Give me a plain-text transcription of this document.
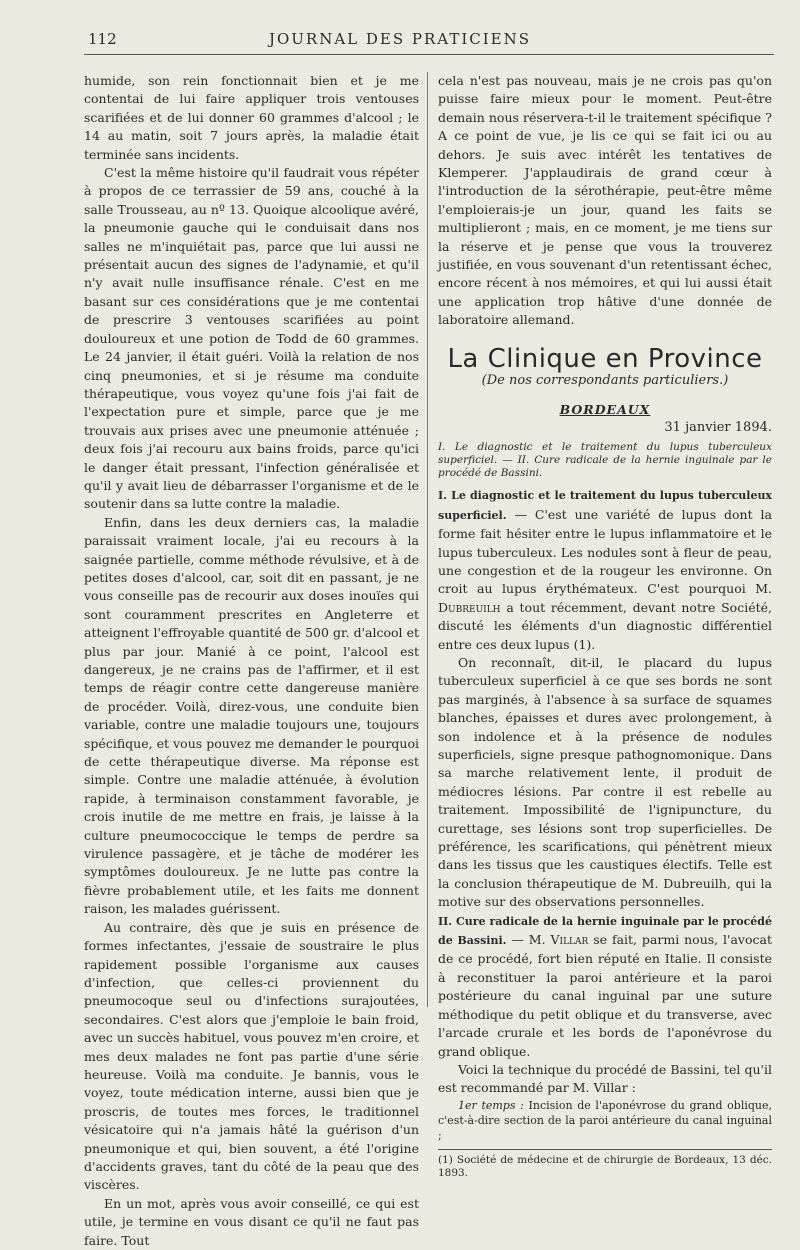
112	JOURNAL DES PRATICIENS

humide, son rein fonctionnait bien et je me contentai de lui faire appliquer trois ventouses scarifiées et de lui donner 60 grammes d'alcool ; le 14 au matin, soit 7 jours après, la maladie était terminée sans incidents.

C'est la même histoire qu'il faudrait vous répéter à propos de ce terrassier de 59 ans, couché à la salle Trousseau, au nº 13. Quoique alcoolique avéré, la pneumonie gauche qui le conduisait dans nos salles ne m'inquiétait pas, parce que lui aussi ne présentait aucun des signes de l'adynamie, et qu'il n'y avait nulle insuffisance rénale. C'est en me basant sur ces considérations que je me contentai de prescrire 3 ventouses scarifiées au point douloureux et une potion de Todd de 60 grammes. Le 24 janvier, il était guéri. Voilà la relation de nos cinq pneumonies, et si je résume ma conduite thérapeutique, vous voyez qu'une fois j'ai fait de l'expectation pure et simple, parce que je me trouvais aux prises avec une pneumonie atténuée ; deux fois j'ai recouru aux bains froids, parce qu'ici le danger était pressant, l'infection généralisée et qu'il y avait lieu de débarrasser l'organisme et de le soutenir dans sa lutte contre la maladie.

Enfin, dans les deux derniers cas, la maladie paraissait vraiment locale, j'ai eu recours à la saignée partielle, comme méthode révulsive, et à de petites doses d'alcool, car, soit dit en passant, je ne vous conseille pas de recourir aux doses inouïes qui sont couramment prescrites en Angleterre et atteignent l'effroyable quantité de 500 gr. d'alcool et plus par jour. Manié à ce point, l'alcool est dangereux, je ne crains pas de l'affirmer, et il est temps de réagir contre cette dangereuse manière de procéder. Voilà, direz-vous, une conduite bien variable, contre une maladie toujours une, toujours spécifique, et vous pouvez me demander le pourquoi de cette thérapeutique diverse. Ma réponse est simple. Contre une maladie atténuée, à évolution rapide, à terminaison constamment favorable, je crois inutile de me mettre en frais, je laisse à la culture pneumococcique le temps de perdre sa virulence passagère, et je tâche de modérer les symptômes douloureux. Je ne lutte pas contre la fièvre probablement utile, et les faits me donnent raison, les malades guérissent.

Au contraire, dès que je suis en présence de formes infectantes, j'essaie de soustraire le plus rapidement possible l'organisme aux causes d'infection, que celles-ci proviennent du pneumocoque seul ou d'infections surajoutées, secondaires. C'est alors que j'emploie le bain froid, avec un succès habituel, vous pouvez m'en croire, et mes deux malades ne font pas partie d'une série heureuse. Voilà ma conduite. Je bannis, vous le voyez, toute médication interne, aussi bien que je proscris, de toutes mes forces, le traditionnel vésicatoire qui n'a jamais hâté la guérison d'un pneumonique et qui, bien souvent, a été l'origine d'accidents graves, tant du côté de la peau que des viscères.

En un mot, après vous avoir conseillé, ce qui est utile, je termine en vous disant ce qu'il ne faut pas faire. Tout

cela n'est pas nouveau, mais je ne crois pas qu'on puisse faire mieux pour le moment. Peut-être demain nous réservera-t-il le traitement spécifique ? A ce point de vue, je lis ce qui se fait ici ou au dehors. Je suis avec intérêt les tentatives de Klemperer. J'applaudirais de grand cœur à l'introduction de la sérothérapie, peut-être même l'emploierais-je un jour, quand les faits se multiplieront ; mais, en ce moment, je me tiens sur la réserve et je pense que vous la trouverez justifiée, en vous souvenant d'un retentissant échec, encore récent à nos mémoires, et qui lui aussi était une application trop hâtive d'une donnée de laboratoire allemand.

La Clinique en Province
(De nos correspondants particuliers.)
BORDEAUX
31 janvier 1894.
I. Le diagnostic et le traitement du lupus tuberculeux superficiel. — II. Cure radicale de la hernie inguinale par le procédé de Bassini.

I. Le diagnostic et le traitement du lupus tuberculeux superficiel. — C'est une variété de lupus dont la forme fait hésiter entre le lupus inflammatoire et le lupus tuberculeux. Les nodules sont à fleur de peau, une congestion et de la rougeur les environne. On croit au lupus érythémateux. C'est pourquoi M. Dubreuilh a tout récemment, devant notre Société, discuté les éléments d'un diagnostic différentiel entre ces deux lupus (1).

On reconnaît, dit-il, le placard du lupus tuberculeux superficiel à ce que ses bords ne sont pas marginés, à l'absence à sa surface de squames blanches, épaisses et dures avec prolongement, à son indolence et à la présence de nodules superficiels, signe presque pathognomonique. Dans sa marche relativement lente, il produit de médiocres lésions. Par contre il est rebelle au traitement. Impossibilité de l'ignipuncture, du curettage, ses lésions sont trop superficielles. De préférence, les scarifications, qui pénètrent mieux dans les tissus que les caustiques électifs. Telle est la conclusion thérapeutique de M. Dubreuilh, qui la motive sur des observations personnelles.

II. Cure radicale de la hernie inguinale par le procédé de Bassini. — M. Villar se fait, parmi nous, l'avocat de ce procédé, fort bien réputé en Italie. Il consiste à reconstituer la paroi antérieure et la paroi postérieure du canal inguinal par une suture méthodique du petit oblique et du transverse, avec l'arcade crurale et les bords de l'aponévrose du grand oblique.

Voici la technique du procédé de Bassini, tel qu'il est recommandé par M. Villar :

1er temps : Incision de l'aponévrose du grand oblique, c'est-à-dire section de la paroi antérieure du canal inguinal ;

(1) Société de médecine et de chirurgie de Bordeaux, 13 déc. 1893.
